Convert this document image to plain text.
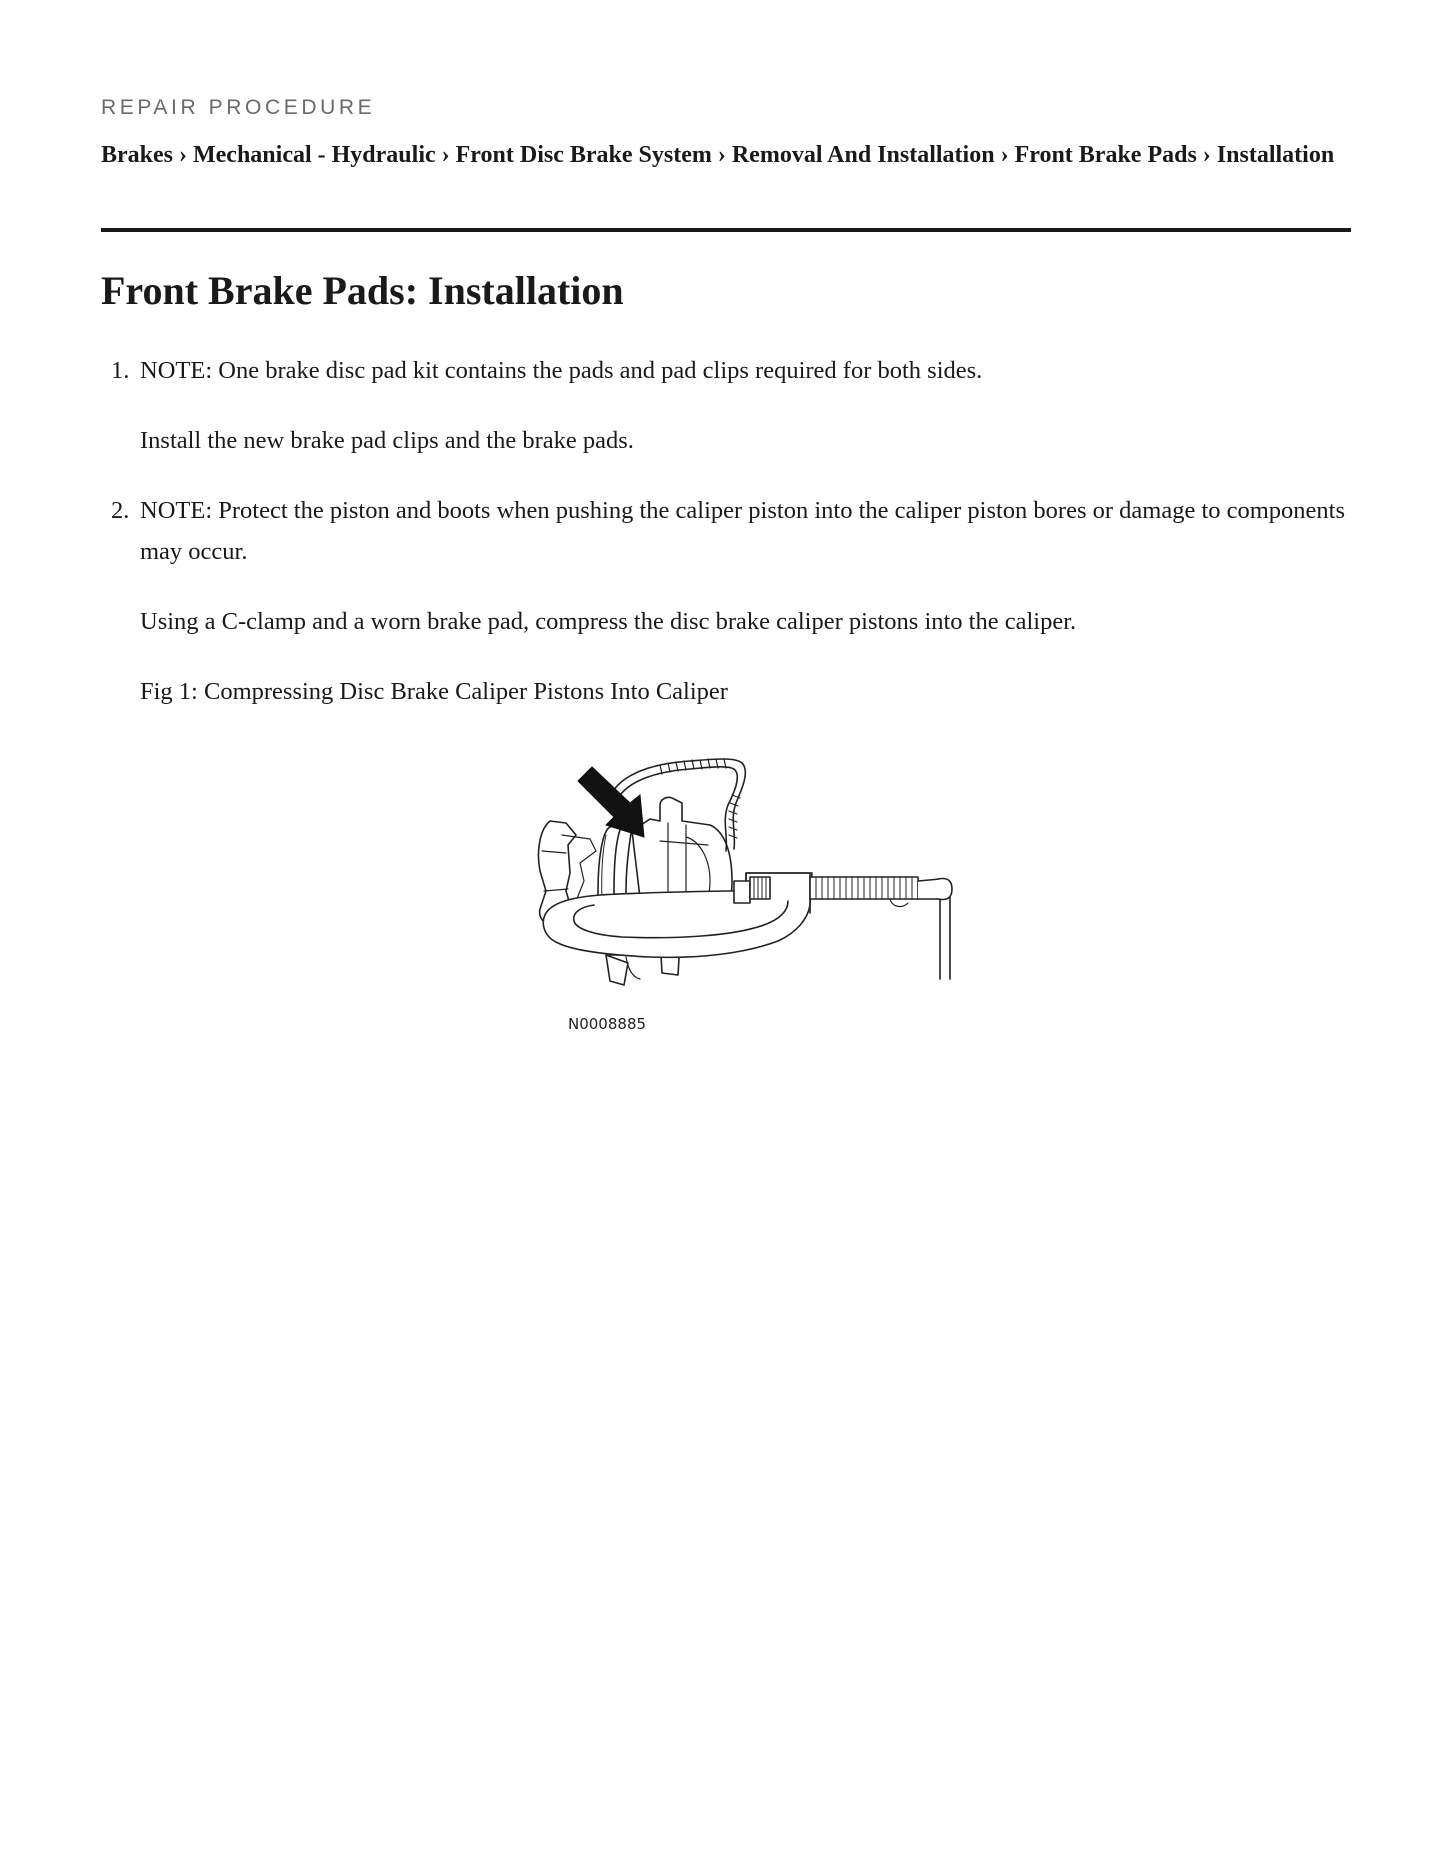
REPAIR PROCEDURE
Brakes › Mechanical - Hydraulic › Front Disc Brake System › Removal And Installation › Front Brake Pads › Installation
Front Brake Pads: Installation
1. NOTE: One brake disc pad kit contains the pads and pad clips required for both sides.

Install the new brake pad clips and the brake pads.

2. NOTE: Protect the piston and boots when pushing the caliper piston into the caliper piston bores or damage to components may occur.

Using a C-clamp and a worn brake pad, compress the disc brake caliper pistons into the caliper.

Fig 1: Compressing Disc Brake Caliper Pistons Into Caliper

N0008885
